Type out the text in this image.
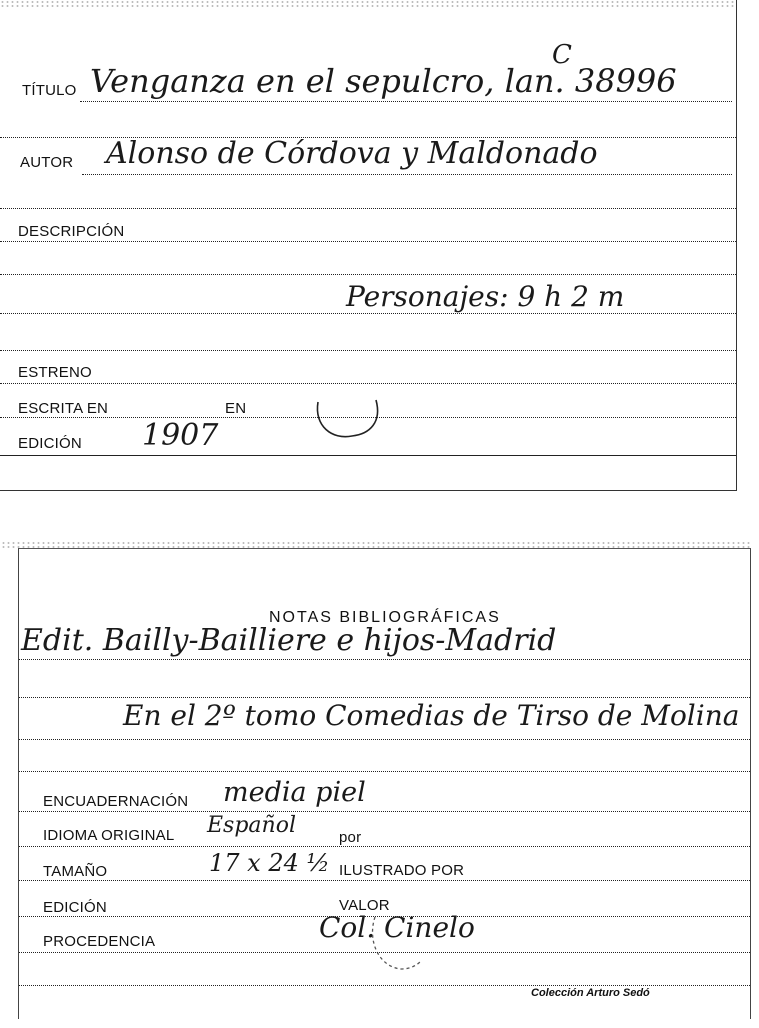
TÍTULO Venganza en el sepulcro, lan. 38996
C
AUTOR Alonso de Córdova y Maldonado
DESCRIPCIÓN
Personajes: 9 h 2 m
ESTRENO
ESCRITA EN	EN
EDICIÓN 1907
NOTAS BIBLIOGRÁFICAS
Edit. Bailly-Bailliere e hijos-Madrid
En el 2º tomo Comedias de Tirso de Molina
ENCUADERNACIÓN media piel
IDIOMA ORIGINAL Español	por
TAMAÑO	17 x 24 ½ ILUSTRADO POR
EDICIÓN	VALOR
PROCEDENCIA	Col. Cinelo
Colección Arturo Sedó
